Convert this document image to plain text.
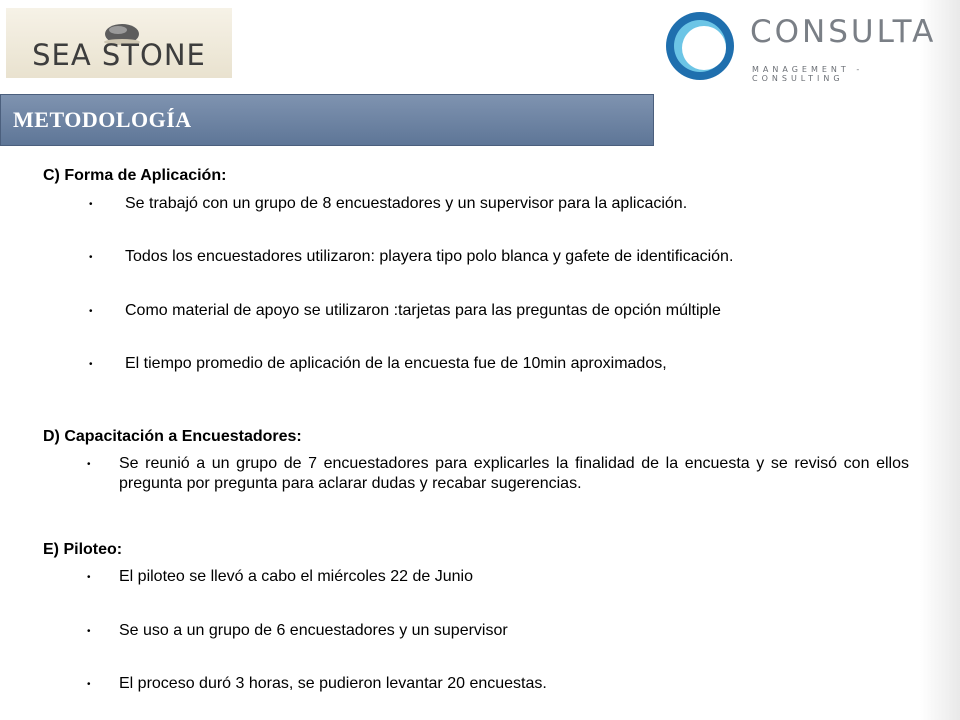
SEA STONE
CONSULTA
MANAGEMENT - CONSULTING
METODOLOGÍA
C) Forma de Aplicación:
• Se trabajó con un grupo de 8 encuestadores y un supervisor para la aplicación.
• Todos los encuestadores utilizaron: playera tipo polo blanca y gafete de identificación.
• Como material de apoyo se utilizaron :tarjetas para las preguntas de opción múltiple
• El tiempo promedio de aplicación de la encuesta fue de 10min aproximados,
D) Capacitación a Encuestadores:
• Se reunió a un grupo de 7 encuestadores para explicarles la finalidad de la encuesta y se revisó con ellos pregunta por pregunta para aclarar dudas y recabar sugerencias.
E) Piloteo:
• El piloteo se llevó a cabo el miércoles 22 de Junio
• Se uso a un grupo de 6 encuestadores y un supervisor
• El proceso duró 3 horas, se pudieron levantar 20 encuestas.
